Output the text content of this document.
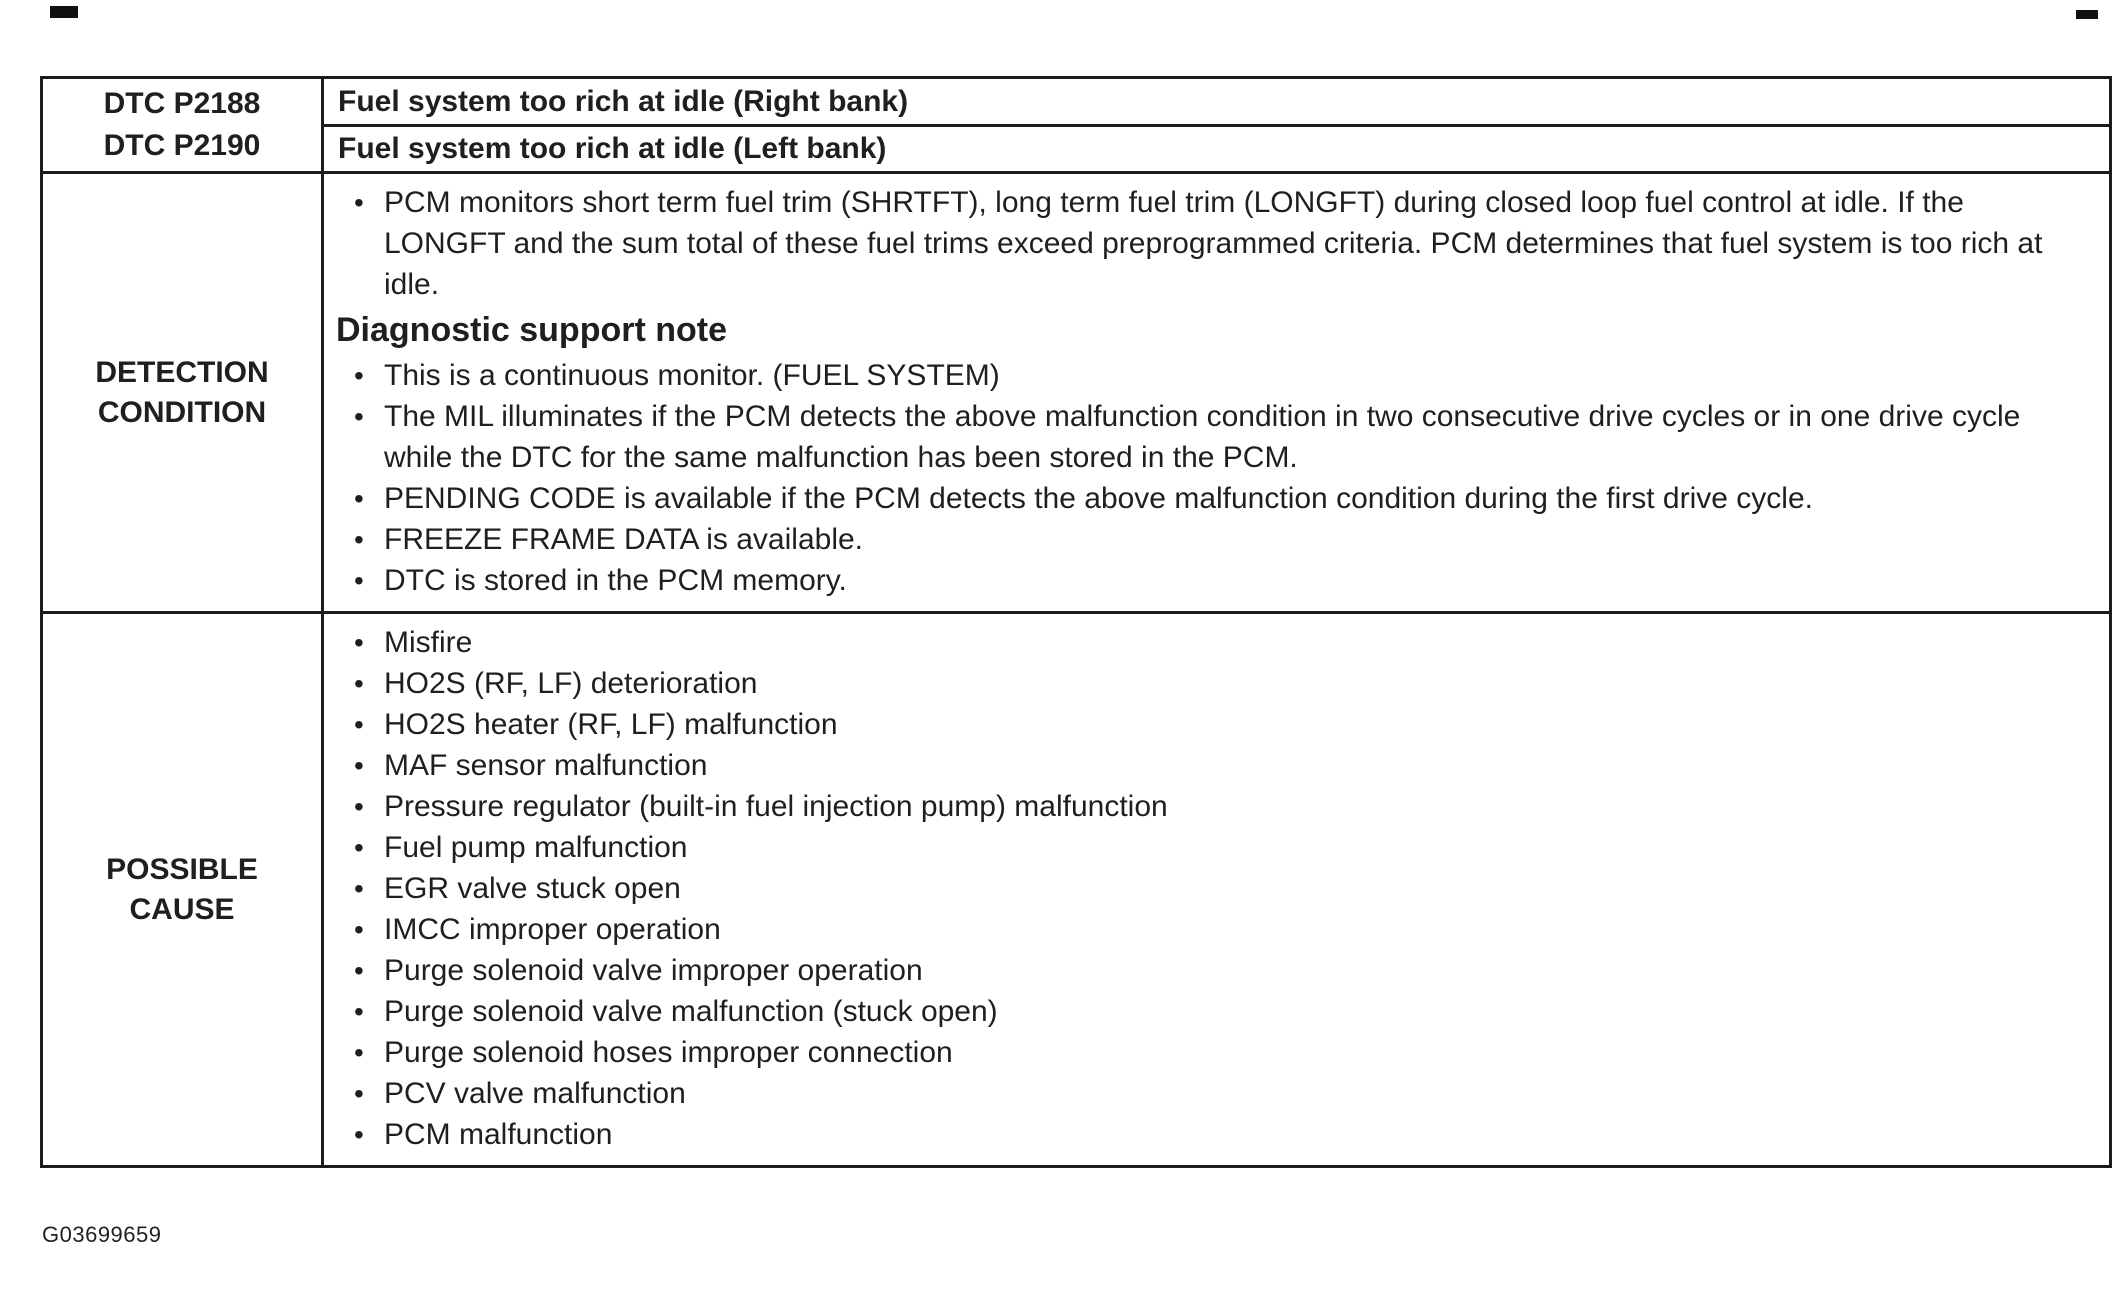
DTC P2188
DTC P2190

Fuel system too rich at idle (Right bank)
Fuel system too rich at idle (Left bank)

DETECTION CONDITION	
• PCM monitors short term fuel trim (SHRTFT), long term fuel trim (LONGFT) during closed loop fuel control at idle. If the LONGFT and the sum total of these fuel trims exceed preprogrammed criteria. PCM determines that fuel system is too rich at idle.
Diagnostic support note
• This is a continuous monitor. (FUEL SYSTEM)
• The MIL illuminates if the PCM detects the above malfunction condition in two consecutive drive cycles or in one drive cycle while the DTC for the same malfunction has been stored in the PCM.
• PENDING CODE is available if the PCM detects the above malfunction condition during the first drive cycle.
• FREEZE FRAME DATA is available.
• DTC is stored in the PCM memory.

POSSIBLE CAUSE	
• Misfire
• HO2S (RF, LF) deterioration
• HO2S heater (RF, LF) malfunction
• MAF sensor malfunction
• Pressure regulator (built-in fuel injection pump) malfunction
• Fuel pump malfunction
• EGR valve stuck open
• IMCC improper operation
• Purge solenoid valve improper operation
• Purge solenoid valve malfunction (stuck open)
• Purge solenoid hoses improper connection
• PCV valve malfunction
• PCM malfunction
G03699659
